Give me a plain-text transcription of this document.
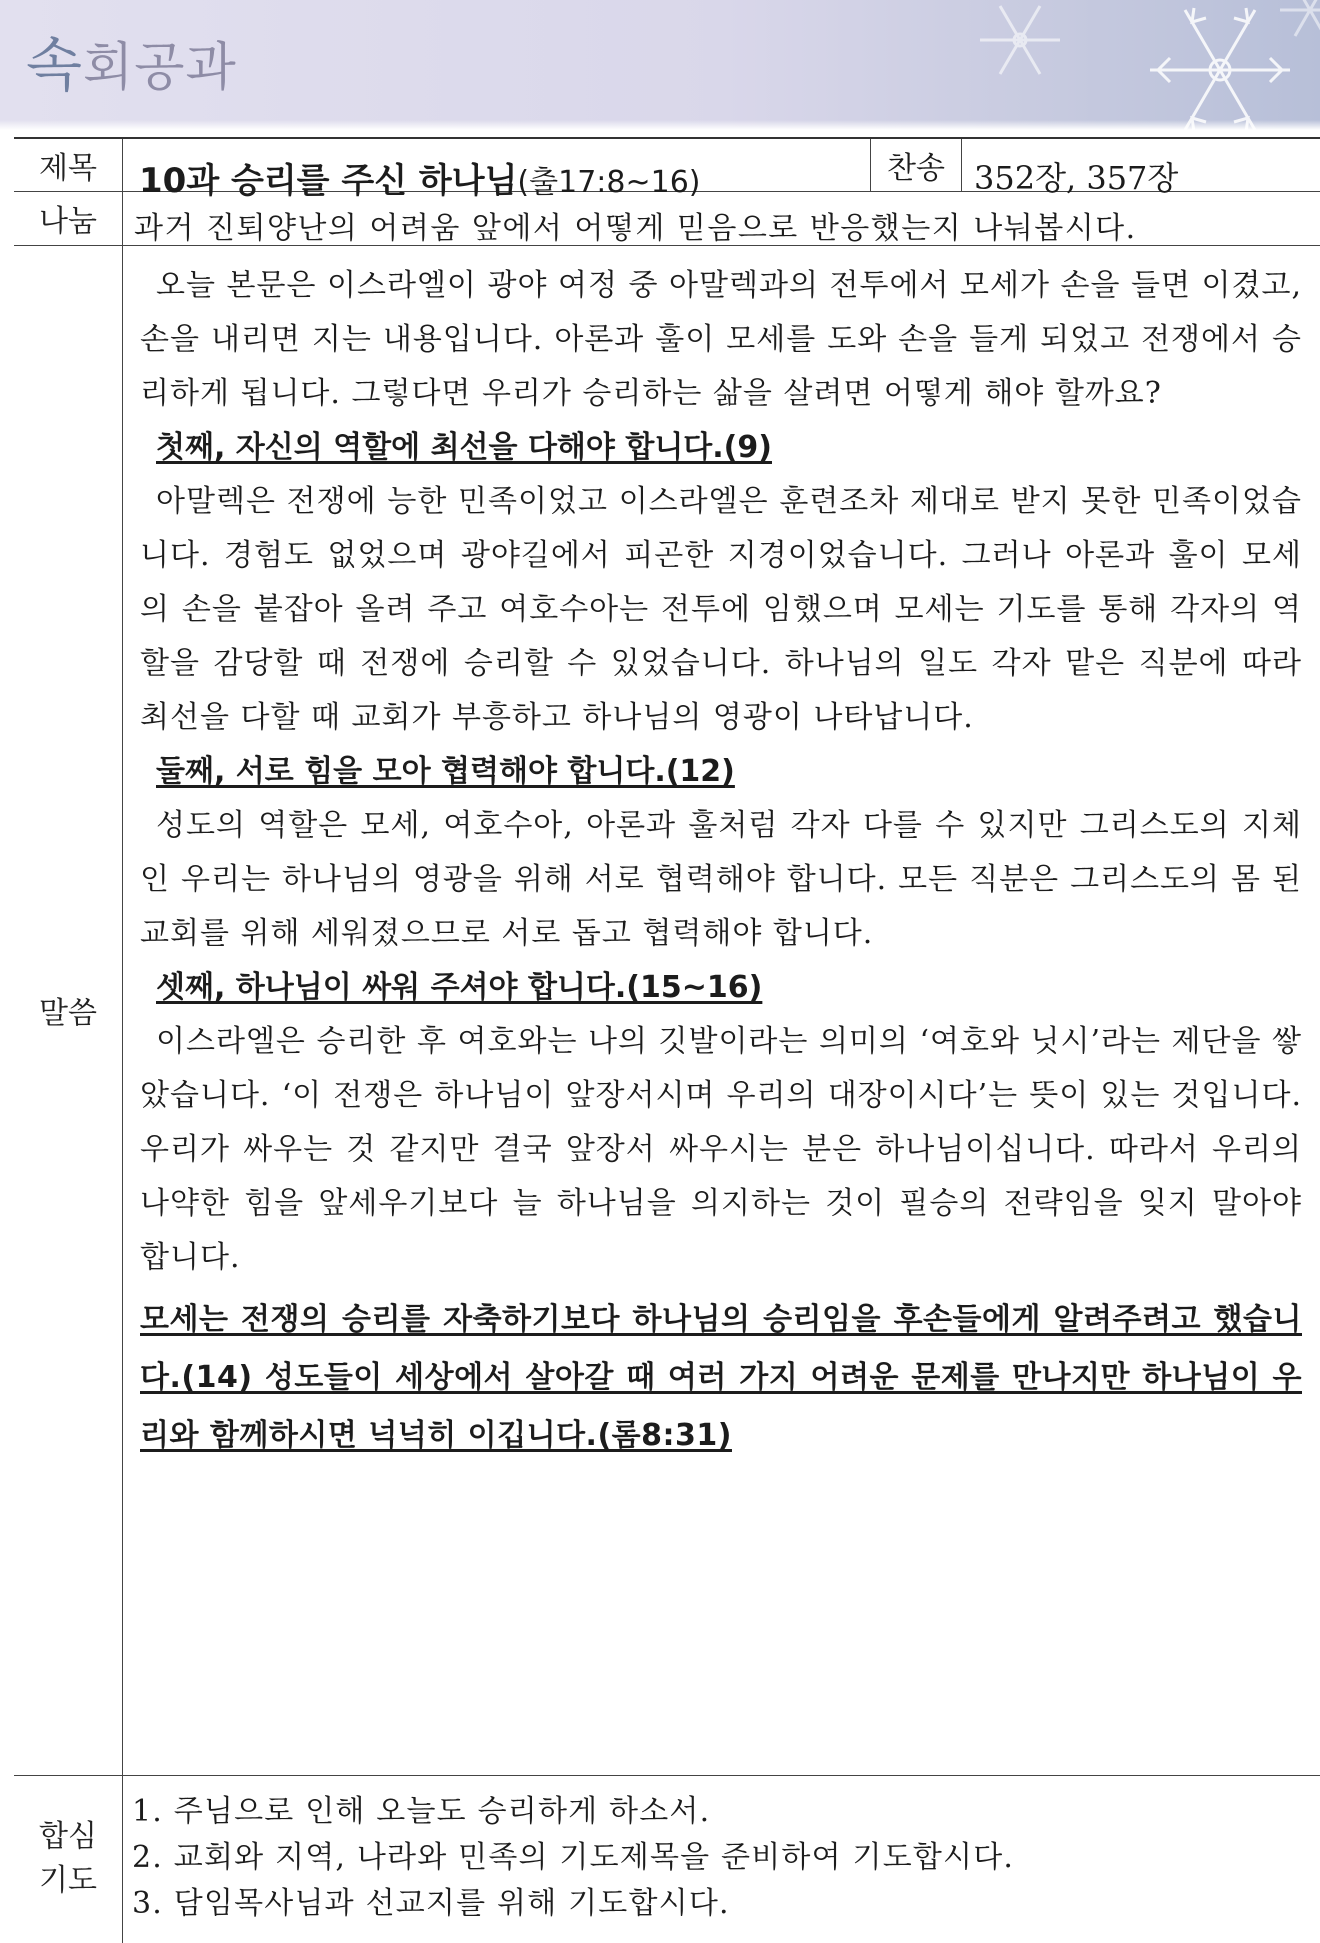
속회공과
제목	10과 승리를 주신 하나님(출17:8~16)	찬송 352장, 357장
나눔	과거 진퇴양난의 어려움 앞에서 어떻게 믿음으로 반응했는지 나눠봅시다.
말씀

오늘 본문은 이스라엘이 광야 여정 중 아말렉과의 전투에서 모세가 손을 들면 이겼고, 손을 내리면 지는 내용입니다. 아론과 훌이 모세를 도와 손을 들게 되었고 전쟁에서 승리하게 됩니다. 그렇다면 우리가 승리하는 삶을 살려면 어떻게 해야 할까요?

첫째, 자신의 역할에 최선을 다해야 합니다.(9)

아말렉은 전쟁에 능한 민족이었고 이스라엘은 훈련조차 제대로 받지 못한 민족이었습니다. 경험도 없었으며 광야길에서 피곤한 지경이었습니다. 그러나 아론과 훌이 모세의 손을 붙잡아 올려 주고 여호수아는 전투에 임했으며 모세는 기도를 통해 각자의 역할을 감당할 때 전쟁에 승리할 수 있었습니다. 하나님의 일도 각자 맡은 직분에 따라 최선을 다할 때 교회가 부흥하고 하나님의 영광이 나타납니다.

둘째, 서로 힘을 모아 협력해야 합니다.(12)

성도의 역할은 모세, 여호수아, 아론과 훌처럼 각자 다를 수 있지만 그리스도의 지체인 우리는 하나님의 영광을 위해 서로 협력해야 합니다. 모든 직분은 그리스도의 몸 된 교회를 위해 세워졌으므로 서로 돕고 협력해야 합니다.

셋째, 하나님이 싸워 주셔야 합니다.(15~16)

이스라엘은 승리한 후 여호와는 나의 깃발이라는 의미의 ‘여호와 닛시’라는 제단을 쌓았습니다. ‘이 전쟁은 하나님이 앞장서시며 우리의 대장이시다’는 뜻이 있는 것입니다. 우리가 싸우는 것 같지만 결국 앞장서 싸우시는 분은 하나님이십니다. 따라서 우리의 나약한 힘을 앞세우기보다 늘 하나님을 의지하는 것이 필승의 전략임을 잊지 말아야 합니다.

모세는 전쟁의 승리를 자축하기보다 하나님의 승리임을 후손들에게 알려주려고 했습니다.(14) 성도들이 세상에서 살아갈 때 여러 가지 어려운 문제를 만나지만 하나님이 우리와 함께하시면 넉넉히 이깁니다.(롬8:31)

합심
기도

1. 주님으로 인해 오늘도 승리하게 하소서.

2. 교회와 지역, 나라와 민족의 기도제목을 준비하여 기도합시다.

3. 담임목사님과 선교지를 위해 기도합시다.
